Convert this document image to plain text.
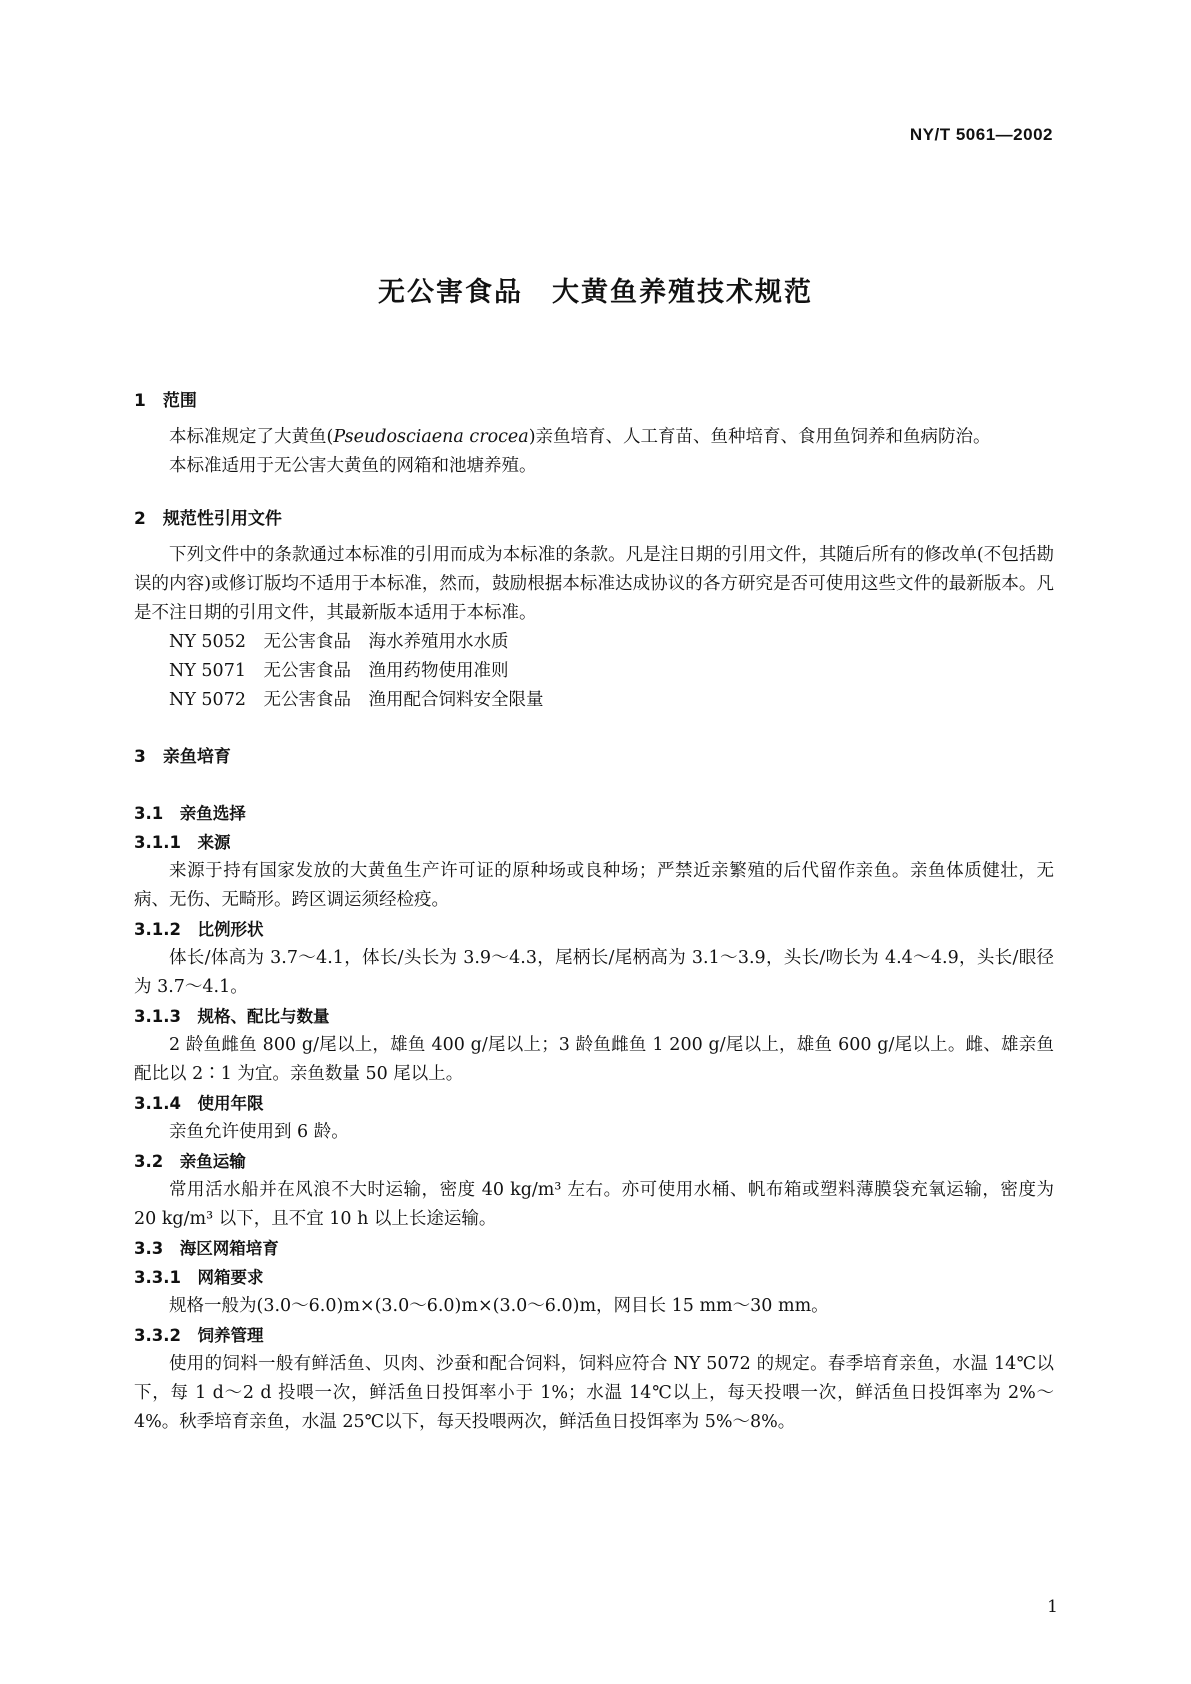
NY/T 5061—2002
无公害食品　大黄鱼养殖技术规范
1　范围

本标准规定了大黄鱼(Pseudosciaena crocea)亲鱼培育、人工育苗、鱼种培育、食用鱼饲养和鱼病防治。

本标准适用于无公害大黄鱼的网箱和池塘养殖。

2　规范性引用文件

下列文件中的条款通过本标准的引用而成为本标准的条款。凡是注日期的引用文件，其随后所有的修改单(不包括勘误的内容)或修订版均不适用于本标准，然而，鼓励根据本标准达成协议的各方研究是否可使用这些文件的最新版本。凡是不注日期的引用文件，其最新版本适用于本标准。

NY 5052　无公害食品　海水养殖用水水质

NY 5071　无公害食品　渔用药物使用准则

NY 5072　无公害食品　渔用配合饲料安全限量

3　亲鱼培育
3.1　亲鱼选择
3.1.1　来源

来源于持有国家发放的大黄鱼生产许可证的原种场或良种场；严禁近亲繁殖的后代留作亲鱼。亲鱼体质健壮，无病、无伤、无畸形。跨区调运须经检疫。

3.1.2　比例形状

体长/体高为 3.7～4.1，体长/头长为 3.9～4.3，尾柄长/尾柄高为 3.1～3.9，头长/吻长为 4.4～4.9，头长/眼径为 3.7～4.1。

3.1.3　规格、配比与数量

2 龄鱼雌鱼 800 g/尾以上，雄鱼 400 g/尾以上；3 龄鱼雌鱼 1 200 g/尾以上，雄鱼 600 g/尾以上。雌、雄亲鱼配比以 2∶1 为宜。亲鱼数量 50 尾以上。

3.1.4　使用年限

亲鱼允许使用到 6 龄。

3.2　亲鱼运输

常用活水船并在风浪不大时运输，密度 40 kg/m³ 左右。亦可使用水桶、帆布箱或塑料薄膜袋充氧运输，密度为 20 kg/m³ 以下，且不宜 10 h 以上长途运输。

3.3　海区网箱培育
3.3.1　网箱要求

规格一般为(3.0～6.0)m×(3.0～6.0)m×(3.0～6.0)m，网目长 15 mm～30 mm。

3.3.2　饲养管理

使用的饲料一般有鲜活鱼、贝肉、沙蚕和配合饲料，饲料应符合 NY 5072 的规定。春季培育亲鱼，水温 14℃以下，每 1 d～2 d 投喂一次，鲜活鱼日投饵率小于 1%；水温 14℃以上，每天投喂一次，鲜活鱼日投饵率为 2%～4%。秋季培育亲鱼，水温 25℃以下，每天投喂两次，鲜活鱼日投饵率为 5%～8%。

1
